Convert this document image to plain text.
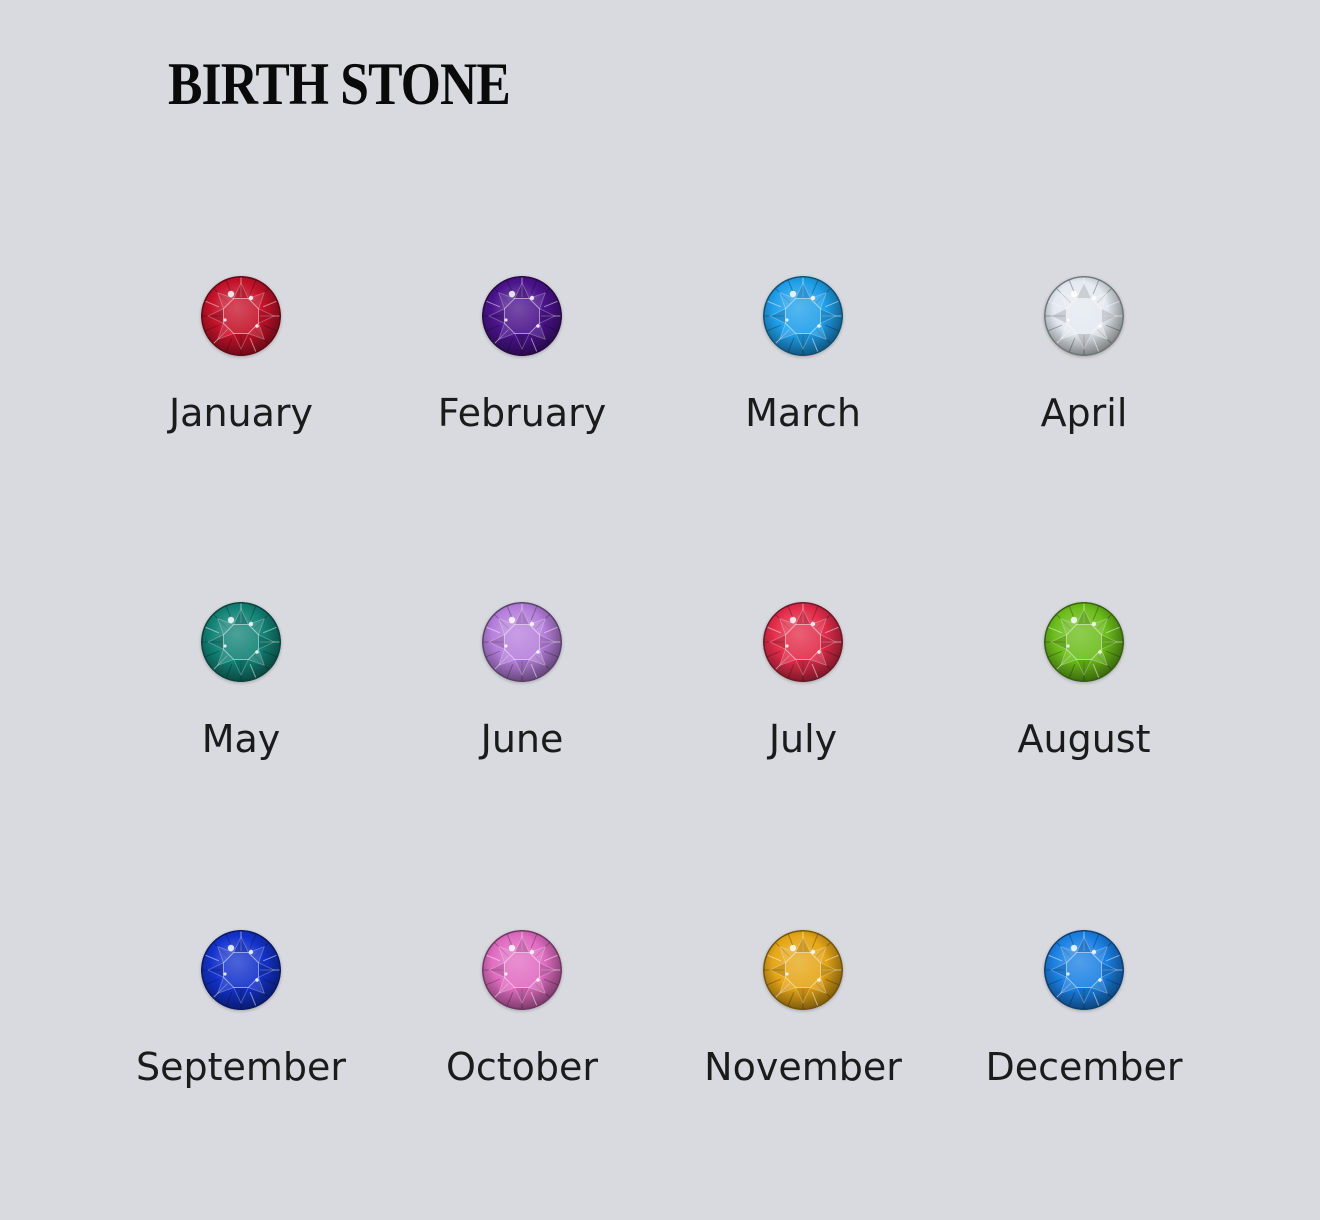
BIRTH STONE
January	February	March	April
May	June	July	August
September	October	November	December
